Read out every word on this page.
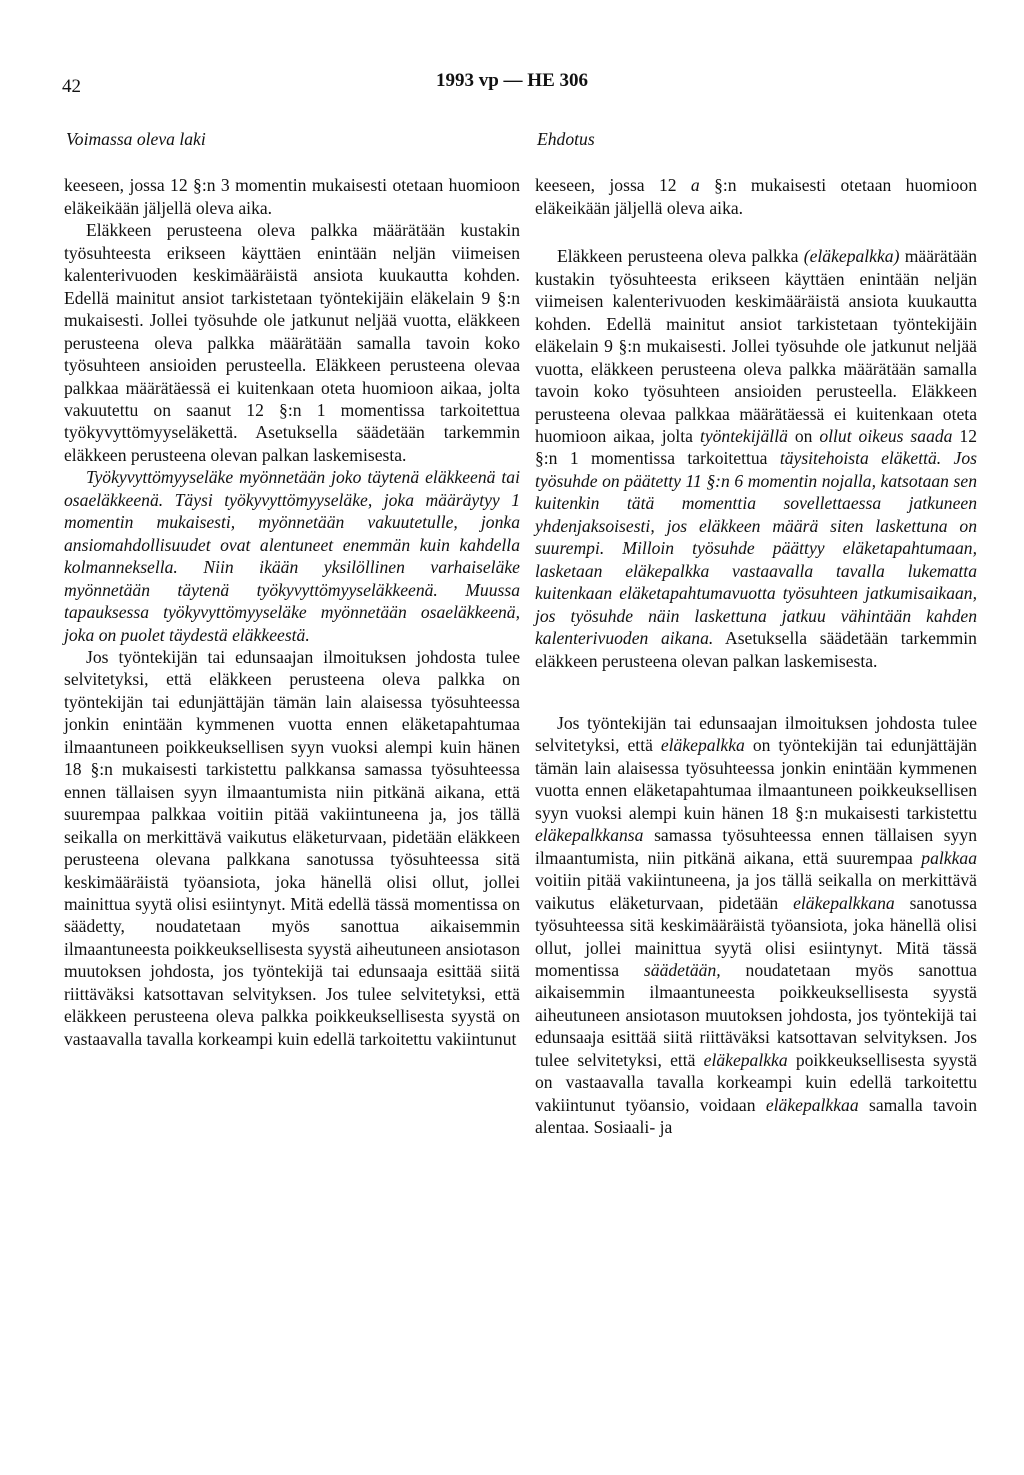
42	1993 vp — HE 306
Voimassa oleva laki

keeseen, jossa 12 §:n 3 momentin mukaisesti otetaan huomioon eläkeikään jäljellä oleva aika.

Eläkkeen perusteena oleva palkka määrätään kustakin työsuhteesta erikseen käyttäen enintään neljän viimeisen kalenterivuoden keskimääräistä ansiota kuukautta kohden. Edellä mainitut ansiot tarkistetaan työntekijäin eläkelain 9 §:n mukaisesti. Jollei työsuhde ole jatkunut neljää vuotta, eläkkeen perusteena oleva palkka määrätään samalla tavoin koko työsuhteen ansioiden perusteella. Eläkkeen perusteena olevaa palkkaa määrätäessä ei kuitenkaan oteta huomioon aikaa, jolta vakuutettu on saanut 12 §:n 1 momentissa tarkoitettua työkyvyttömyyseläkettä. Asetuksella säädetään tarkemmin eläkkeen perusteena olevan palkan laskemisesta.

Työkyvyttömyyseläke myönnetään joko täytenä eläkkeenä tai osaeläkkeenä. Täysi työkyvyttömyyseläke, joka määräytyy 1 momentin mukaisesti, myönnetään vakuutetulle, jonka ansiomahdollisuudet ovat alentuneet enemmän kuin kahdella kolmanneksella. Niin ikään yksilöllinen varhaiseläke myönnetään täytenä työkyvyttömyyseläkkeenä. Muussa tapauksessa työkyvyttömyyseläke myönnetään osaeläkkeenä, joka on puolet täydestä eläkkeestä.

Jos työntekijän tai edunsaajan ilmoituksen johdosta tulee selvitetyksi, että eläkkeen perusteena oleva palkka on työntekijän tai edunjättäjän tämän lain alaisessa työsuhteessa jonkin enintään kymmenen vuotta ennen eläketapahtumaa ilmaantuneen poikkeuksellisen syyn vuoksi alempi kuin hänen 18 §:n mukaisesti tarkistettu palkkansa samassa työsuhteessa ennen tällaisen syyn ilmaantumista niin pitkänä aikana, että suurempaa palkkaa voitiin pitää vakiintuneena ja, jos tällä seikalla on merkittävä vaikutus eläketurvaan, pidetään eläkkeen perusteena olevana palkkana sanotussa työsuhteessa sitä keskimääräistä työansiota, joka hänellä olisi ollut, jollei mainittua syytä olisi esiintynyt. Mitä edellä tässä momentissa on säädetty, noudatetaan myös sanottua aikaisemmin ilmaantuneesta poikkeuksellisesta syystä aiheutuneen ansiotason muutoksen johdosta, jos työntekijä tai edunsaaja esittää siitä riittäväksi katsottavan selvityksen. Jos tulee selvitetyksi, että eläkkeen perusteena oleva palkka poikkeuksellisesta syystä on vastaavalla tavalla korkeampi kuin edellä tarkoitettu vakiintunut

Ehdotus

keeseen, jossa 12 a §:n mukaisesti otetaan huomioon eläkeikään jäljellä oleva aika.

Eläkkeen perusteena oleva palkka (eläkepalkka) määrätään kustakin työsuhteesta erikseen käyttäen enintään neljän viimeisen kalenterivuoden keskimääräistä ansiota kuukautta kohden. Edellä mainitut ansiot tarkistetaan työntekijäin eläkelain 9 §:n mukaisesti. Jollei työsuhde ole jatkunut neljää vuotta, eläkkeen perusteena oleva palkka määrätään samalla tavoin koko työsuhteen ansioiden perusteella. Eläkkeen perusteena olevaa palkkaa määrätäessä ei kuitenkaan oteta huomioon aikaa, jolta työntekijällä on ollut oikeus saada 12 §:n 1 momentissa tarkoitettua täysitehoista eläkettä. Jos työsuhde on päätetty 11 §:n 6 momentin nojalla, katsotaan sen kuitenkin tätä momenttia sovellettaessa jatkuneen yhdenjaksoisesti, jos eläkkeen määrä siten laskettuna on suurempi. Milloin työsuhde päättyy eläketapahtumaan, lasketaan eläkepalkka vastaavalla tavalla lukematta kuitenkaan eläketapahtumavuotta työsuhteen jatkumisaikaan, jos työsuhde näin laskettuna jatkuu vähintään kahden kalenterivuoden aikana. Asetuksella säädetään tarkemmin eläkkeen perusteena olevan palkan laskemisesta.

Jos työntekijän tai edunsaajan ilmoituksen johdosta tulee selvitetyksi, että eläkepalkka on työntekijän tai edunjättäjän tämän lain alaisessa työsuhteessa jonkin enintään kymmenen vuotta ennen eläketapahtumaa ilmaantuneen poikkeuksellisen syyn vuoksi alempi kuin hänen 18 §:n mukaisesti tarkistettu eläkepalkkansa samassa työsuhteessa ennen tällaisen syyn ilmaantumista, niin pitkänä aikana, että suurempaa palkkaa voitiin pitää vakiintuneena, ja jos tällä seikalla on merkittävä vaikutus eläketurvaan, pidetään eläkepalkkana sanotussa työsuhteessa sitä keskimääräistä työansiota, joka hänellä olisi ollut, jollei mainittua syytä olisi esiintynyt. Mitä tässä momentissa säädetään, noudatetaan myös sanottua aikaisemmin ilmaantuneesta poikkeuksellisesta syystä aiheutuneen ansiotason muutoksen johdosta, jos työntekijä tai edunsaaja esittää siitä riittäväksi katsottavan selvityksen. Jos tulee selvitetyksi, että eläkepalkka poikkeuksellisesta syystä on vastaavalla tavalla korkeampi kuin edellä tarkoitettu vakiintunut työansio, voidaan eläkepalkkaa samalla tavoin alentaa. Sosiaali- ja
